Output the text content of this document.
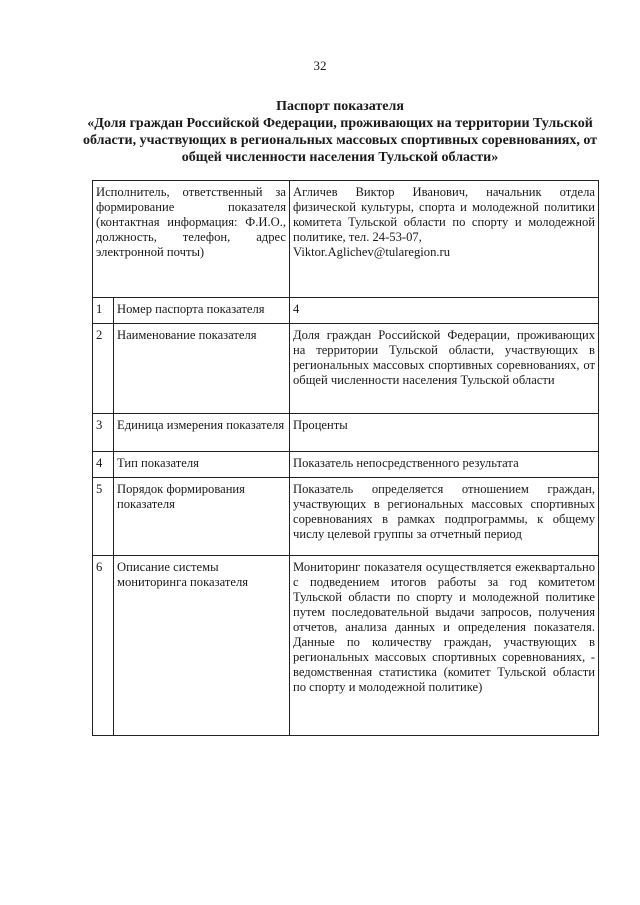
32
Паспорт показателя
«Доля граждан Российской Федерации, проживающих на территории Тульской области, участвующих в региональных массовых спортивных соревнованиях, от общей численности населения Тульской области»
Исполнитель, ответственный за формирование показателя (контактная информация: Ф.И.О., должность, телефон, адрес электронной почты)		Агличев Виктор Иванович, начальник отдела физической культуры, спорта и молодежной политики комитета Тульской области по спорту и молодежной политике, тел. 24-53-07,
Viktor.Aglichev@tularegion.ru
1	Номер паспорта показателя	4
2	Наименование показателя	Доля граждан Российской Федерации, проживающих на территории Тульской области, участвующих в региональных массовых спортивных соревнованиях, от общей численности населения Тульской области
3	Единица измерения показателя	Проценты
4	Тип показателя	Показатель непосредственного результата
5	Порядок формирования показателя	Показатель определяется отношением граждан, участвующих в региональных массовых спортивных соревнованиях в рамках подпрограммы, к общему числу целевой группы за отчетный период
6	Описание системы мониторинга показателя	Мониторинг показателя осуществляется ежеквартально с подведением итогов работы за год комитетом Тульской области по спорту и молодежной политике путем последовательной выдачи запросов, получения отчетов, анализа данных и определения показателя. Данные по количеству граждан, участвующих в региональных массовых спортивных соревнованиях, - ведомственная статистика (комитет Тульской области по спорту и молодежной политике)
